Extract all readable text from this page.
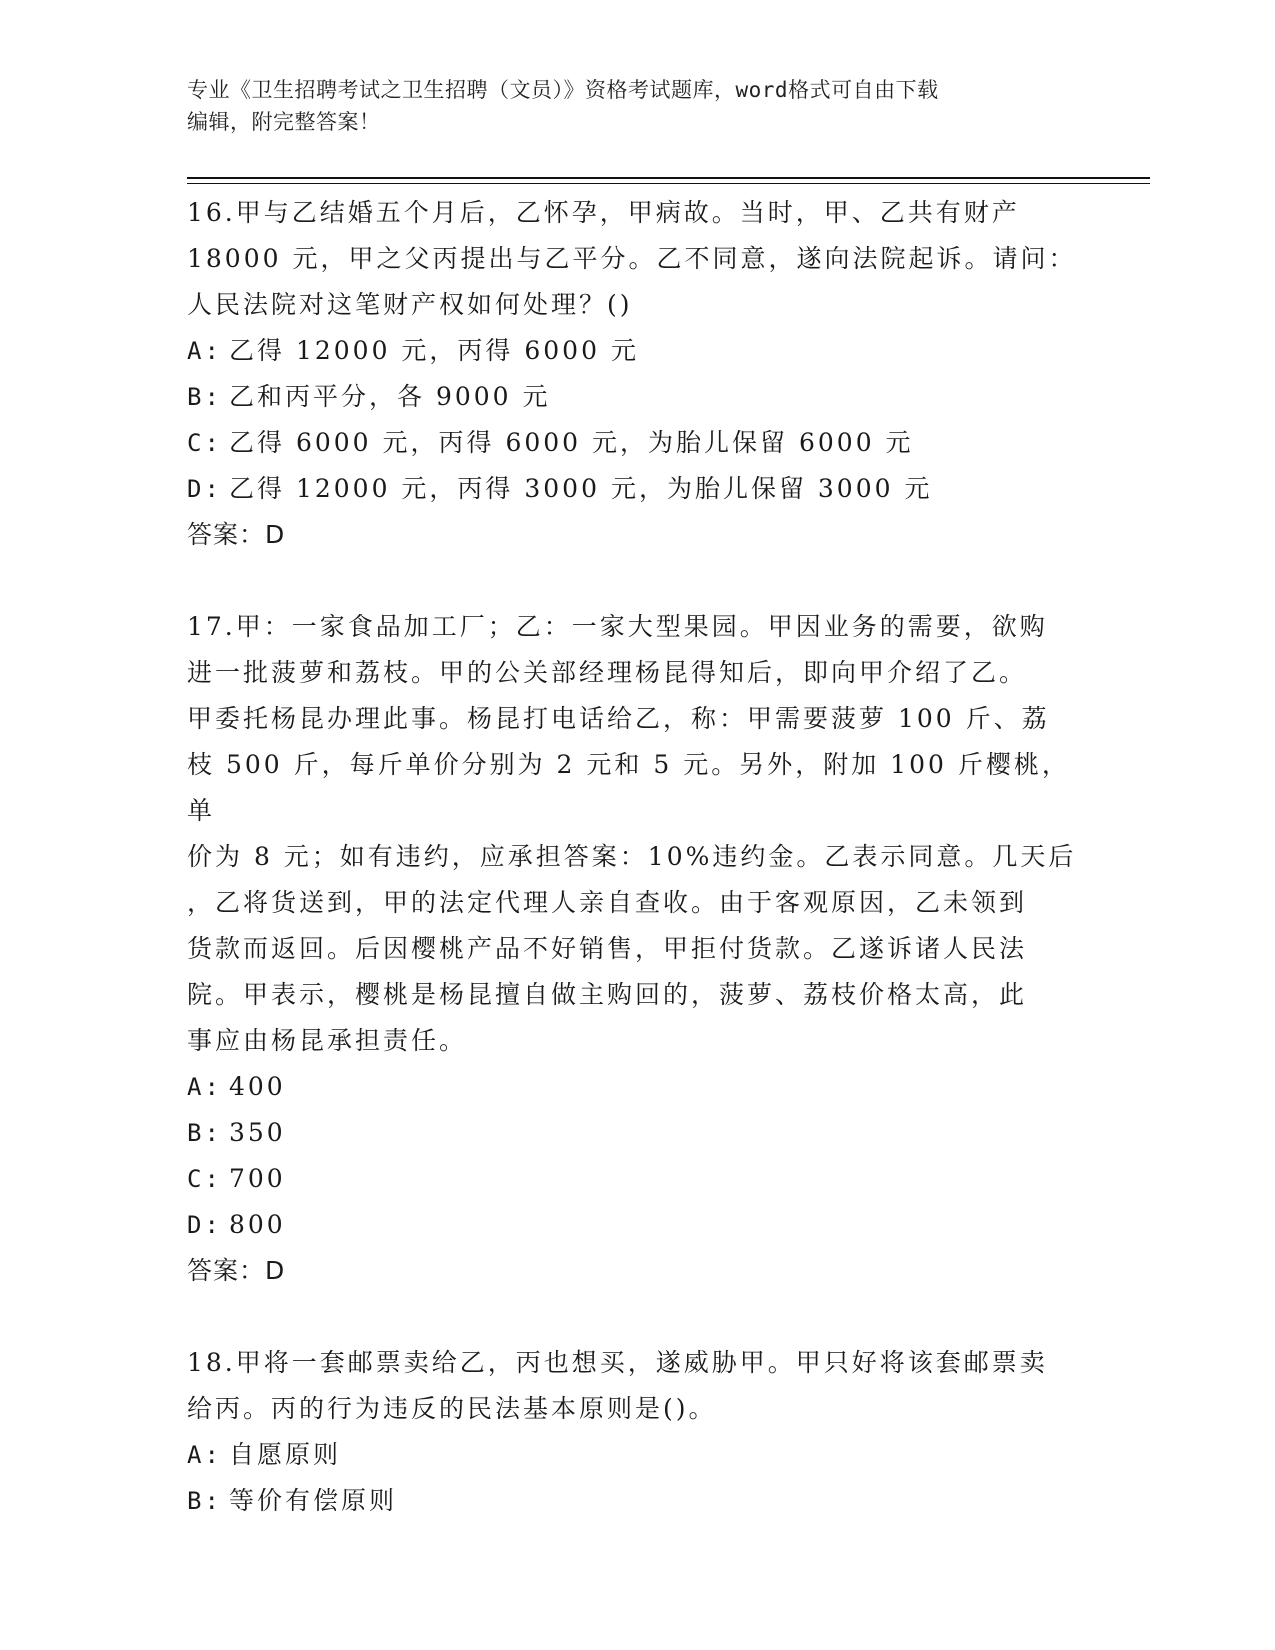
专业《卫生招聘考试之卫生招聘（文员）》资格考试题库，word格式可自由下载
编辑，附完整答案！
16.甲与乙结婚五个月后，乙怀孕，甲病故。当时，甲、乙共有财产
18000 元，甲之父丙提出与乙平分。乙不同意，遂向法院起诉。请问：
人民法院对这笔财产权如何处理？()
A: 乙得 12000 元，丙得 6000 元
B: 乙和丙平分，各 9000 元
C: 乙得 6000 元，丙得 6000 元，为胎儿保留 6000 元
D: 乙得 12000 元，丙得 3000 元，为胎儿保留 3000 元
答案：D
17.甲：一家食品加工厂；乙：一家大型果园。甲因业务的需要，欲购
进一批菠萝和荔枝。甲的公关部经理杨昆得知后，即向甲介绍了乙。
甲委托杨昆办理此事。杨昆打电话给乙，称：甲需要菠萝 100 斤、荔
枝 500 斤，每斤单价分别为 2 元和 5 元。另外，附加 100 斤樱桃，单
价为 8 元；如有违约，应承担答案：10%违约金。乙表示同意。几天后
，乙将货送到，甲的法定代理人亲自查收。由于客观原因，乙未领到
货款而返回。后因樱桃产品不好销售，甲拒付货款。乙遂诉诸人民法
院。甲表示，樱桃是杨昆擅自做主购回的，菠萝、荔枝价格太高，此
事应由杨昆承担责任。
A: 400
B: 350
C: 700
D: 800
答案：D
18.甲将一套邮票卖给乙，丙也想买，遂威胁甲。甲只好将该套邮票卖
给丙。丙的行为违反的民法基本原则是()。
A: 自愿原则
B: 等价有偿原则
